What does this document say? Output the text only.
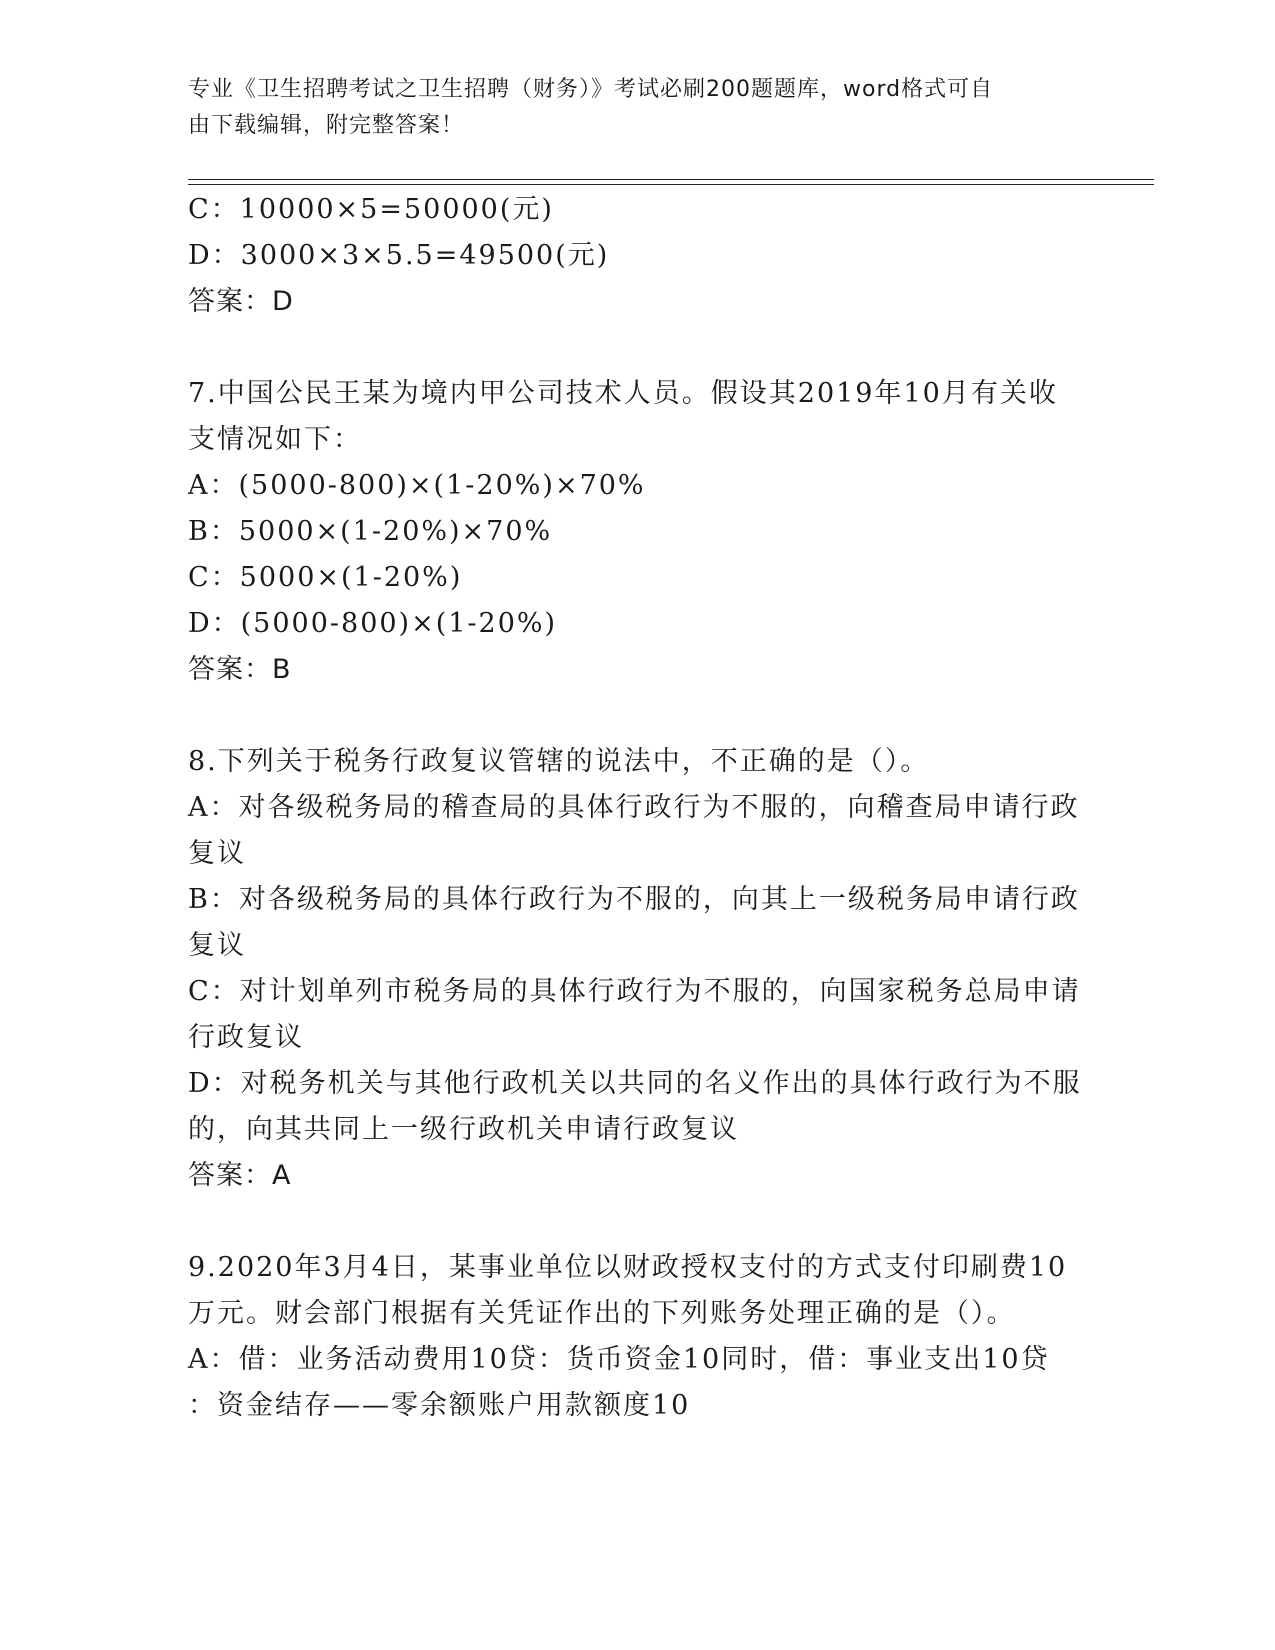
专业《卫生招聘考试之卫生招聘（财务）》考试必刷200题题库，word格式可自
由下载编辑，附完整答案！
C：10000×5=50000(元)
D：3000×3×5.5=49500(元)
答案：D
7.中国公民王某为境内甲公司技术人员。假设其2019年10月有关收
支情况如下：
A：(5000-800)×(1-20%)×70%
B：5000×(1-20%)×70%
C：5000×(1-20%)
D：(5000-800)×(1-20%)
答案：B
8.下列关于税务行政复议管辖的说法中，不正确的是（）。
A：对各级税务局的稽查局的具体行政行为不服的，向稽查局申请行政
复议
B：对各级税务局的具体行政行为不服的，向其上一级税务局申请行政
复议
C：对计划单列市税务局的具体行政行为不服的，向国家税务总局申请
行政复议
D：对税务机关与其他行政机关以共同的名义作出的具体行政行为不服
的，向其共同上一级行政机关申请行政复议
答案：A
9.2020年3月4日，某事业单位以财政授权支付的方式支付印刷费10
万元。财会部门根据有关凭证作出的下列账务处理正确的是（）。
A：借：业务活动费用10贷：货币资金10同时，借：事业支出10贷
：资金结存——零余额账户用款额度10
